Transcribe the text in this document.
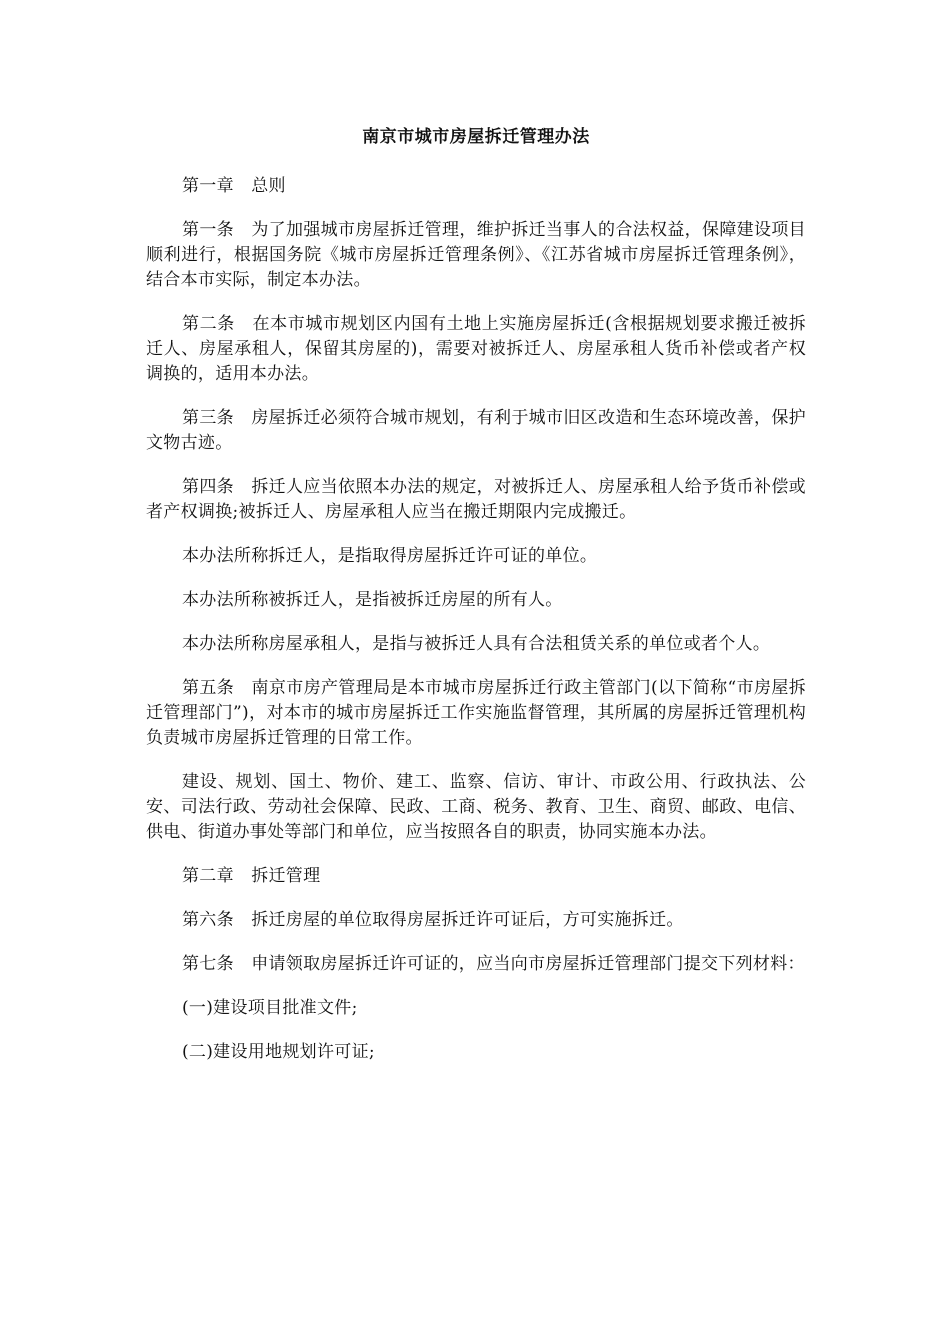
南京市城市房屋拆迁管理办法

第一章　总则

第一条　为了加强城市房屋拆迁管理，维护拆迁当事人的合法权益，保障建设项目顺利进行，根据国务院《城市房屋拆迁管理条例》、《江苏省城市房屋拆迁管理条例》，结合本市实际，制定本办法。

第二条　在本市城市规划区内国有土地上实施房屋拆迁(含根据规划要求搬迁被拆迁人、房屋承租人，保留其房屋的)，需要对被拆迁人、房屋承租人货币补偿或者产权调换的，适用本办法。

第三条　房屋拆迁必须符合城市规划，有利于城市旧区改造和生态环境改善，保护文物古迹。

第四条　拆迁人应当依照本办法的规定，对被拆迁人、房屋承租人给予货币补偿或者产权调换;被拆迁人、房屋承租人应当在搬迁期限内完成搬迁。

本办法所称拆迁人，是指取得房屋拆迁许可证的单位。

本办法所称被拆迁人，是指被拆迁房屋的所有人。

本办法所称房屋承租人，是指与被拆迁人具有合法租赁关系的单位或者个人。

第五条　南京市房产管理局是本市城市房屋拆迁行政主管部门(以下简称“市房屋拆迁管理部门”)，对本市的城市房屋拆迁工作实施监督管理，其所属的房屋拆迁管理机构负责城市房屋拆迁管理的日常工作。

建设、规划、国土、物价、建工、监察、信访、审计、市政公用、行政执法、公安、司法行政、劳动社会保障、民政、工商、税务、教育、卫生、商贸、邮政、电信、供电、街道办事处等部门和单位，应当按照各自的职责，协同实施本办法。

第二章　拆迁管理

第六条　拆迁房屋的单位取得房屋拆迁许可证后，方可实施拆迁。

第七条　申请领取房屋拆迁许可证的，应当向市房屋拆迁管理部门提交下列材料：

(一)建设项目批准文件;

(二)建设用地规划许可证;
